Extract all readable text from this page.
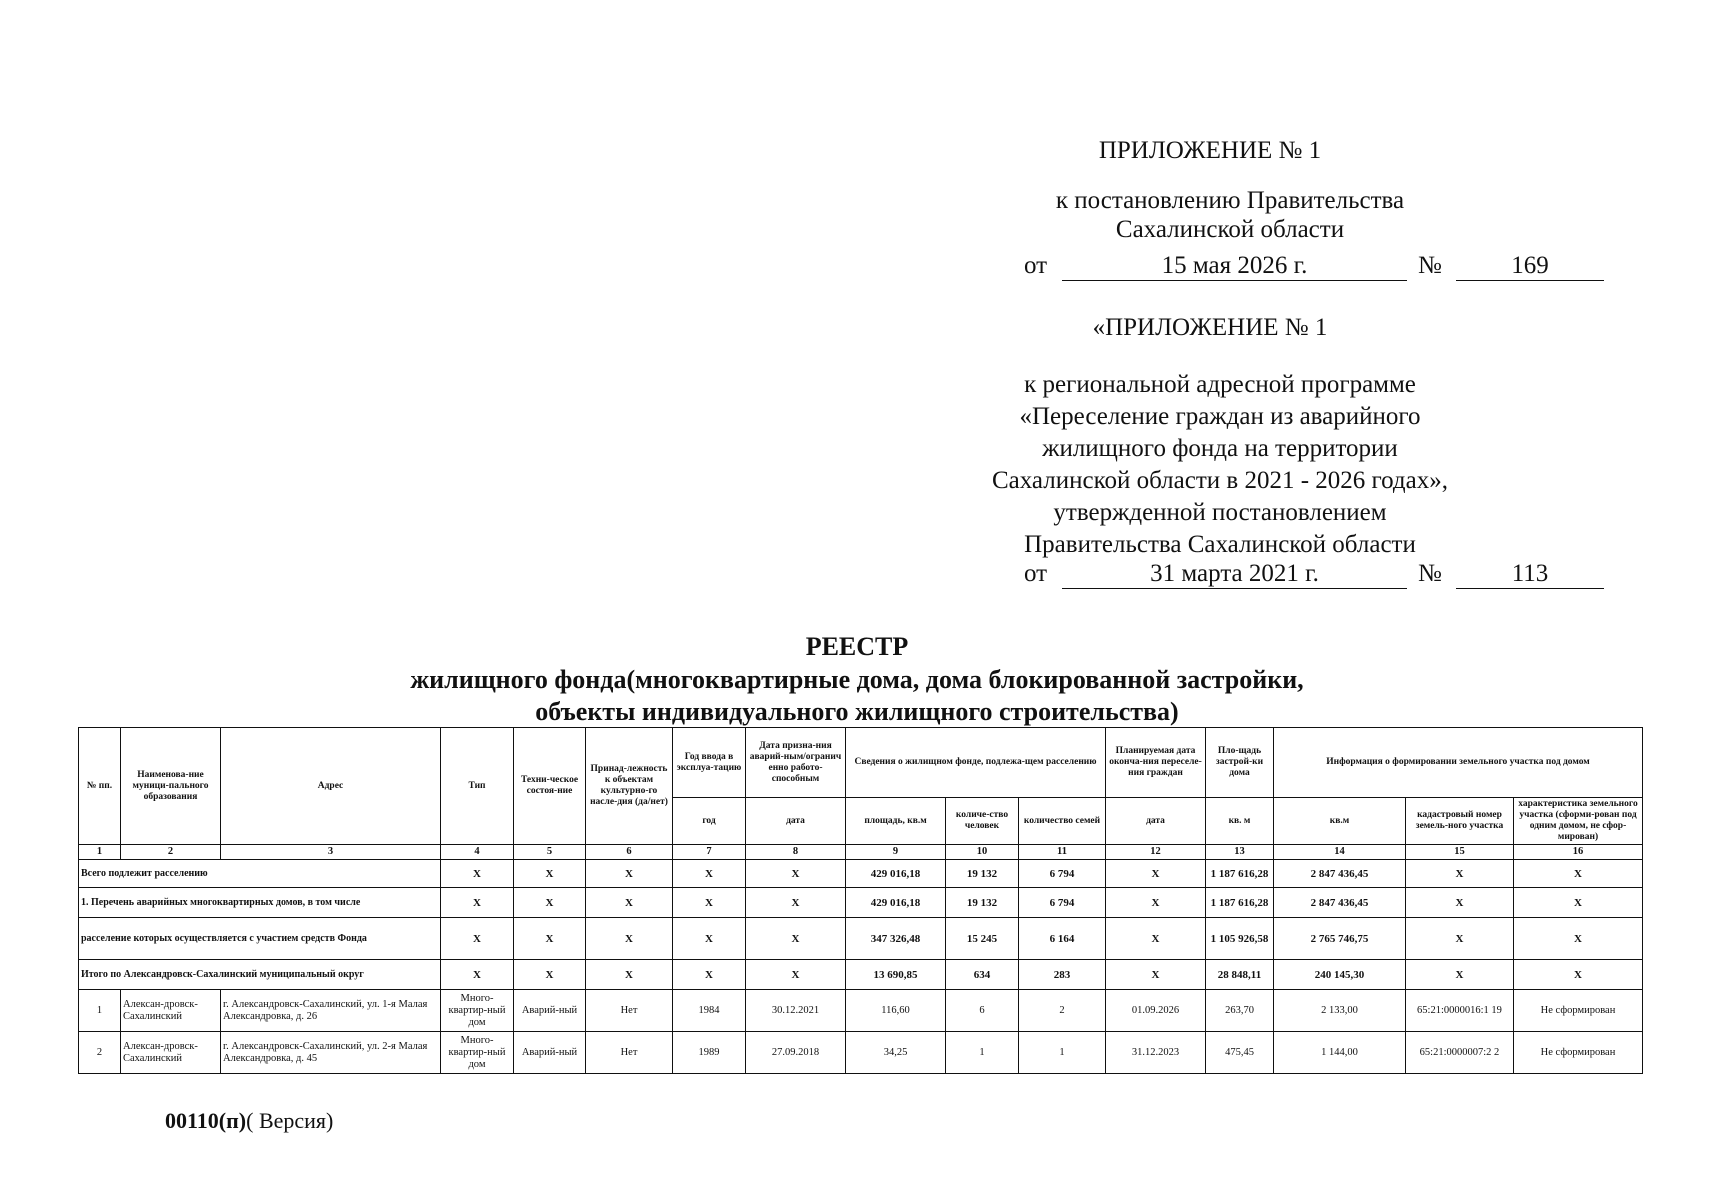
ПРИЛОЖЕНИЕ № 1
к постановлению Правительства
Сахалинской области
от	15 мая 2026 г.	№	169
«ПРИЛОЖЕНИЕ № 1
к региональной адресной программе
«Переселение граждан из аварийного
жилищного фонда на территории
Сахалинской области в 2021 - 2026 годах»,
утвержденной постановлением
Правительства Сахалинской области
от	31 марта 2021 г.	№	113
РЕЕСТР
жилищного фонда(многоквартирные дома, дома блокированной застройки,
объекты индивидуального жилищного строительства)
№ пп.	Наименова-ние муници-пального образования	Адрес	Тип	Техни-ческое состоя-ние	Принад-лежность к объектам культурно-го насле-дия (да/нет)	Год ввода в эксплуа-тацию	Дата призна-ния аварий-ным/огранич енно работо-способным	Сведения о жилищном фонде, подлежа-щем расселению			Планируемая дата оконча-ния переселе-ния граждан	Пло-щадь застрой-ки дома	Информация о формировании земельного участка под домом		
						год	дата	площадь, кв.м	количе-ство человек	количество семей	дата	кв. м	кв.м	кадастровый номер земель-ного участка	характеристика земельного участка (сформи-рован под одним домом, не сфор-мирован)
1	2	3	4	5	6	7	8	9	10	11	12	13	14	15	16
Всего подлежит расселению			X	X	X	X	X	429 016,18	19 132	6 794	X	1 187 616,28	2 847 436,45	X	X
1. Перечень аварийных многоквартирных домов, в том числе			X	X	X	X	X	429 016,18	19 132	6 794	X	1 187 616,28	2 847 436,45	X	X
расселение которых осуществляется с участием средств Фонда			X	X	X	X	X	347 326,48	15 245	6 164	X	1 105 926,58	2 765 746,75	X	X
Итого по Александровск-Сахалинский муниципальный округ			X	X	X	X	X	13 690,85	634	283	X	28 848,11	240 145,30	X	X
1	Алексан-дровск-Сахалинский	г. Александровск-Сахалинский, ул. 1-я Малая Александровка, д. 26	Много-квартир-ный дом	Аварий-ный	Нет	1984	30.12.2021	116,60	6	2	01.09.2026	263,70	2 133,00	65:21:0000016:1 19	Не сформирован
2	Алексан-дровск-Сахалинский	г. Александровск-Сахалинский, ул. 2-я Малая Александровка, д. 45	Много-квартир-ный дом	Аварий-ный	Нет	1989	27.09.2018	34,25	1	1	31.12.2023	475,45	1 144,00	65:21:0000007:2 2	Не сформирован
00110(п)( Версия)
